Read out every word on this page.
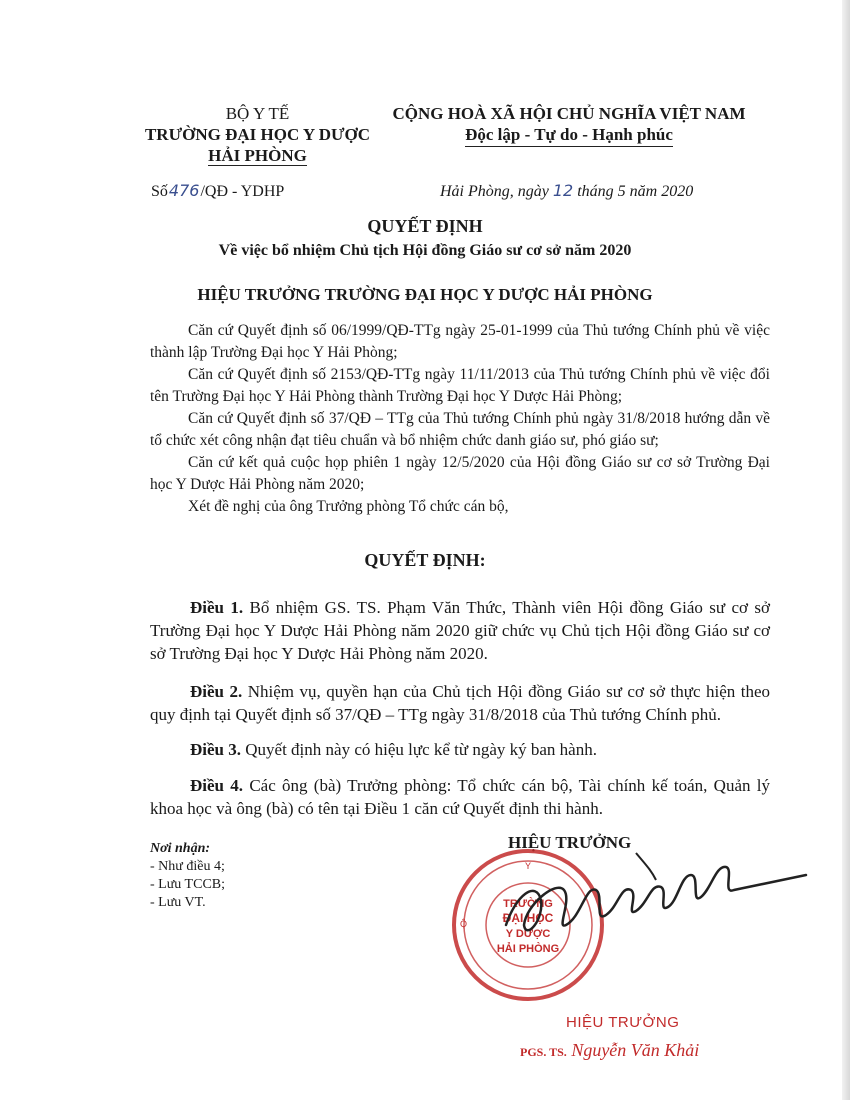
BỘ Y TẾ
TRƯỜNG ĐẠI HỌC Y DƯỢC
HẢI PHÒNG
CỘNG HOÀ XÃ HỘI CHỦ NGHĨA VIỆT NAM
Độc lập - Tự do - Hạnh phúc
Số476/QĐ - YDHP	Hải Phòng, ngày 12 tháng 5 năm 2020
QUYẾT ĐỊNH
Về việc bổ nhiệm Chủ tịch Hội đồng Giáo sư cơ sở năm 2020
HIỆU TRƯỞNG TRƯỜNG ĐẠI HỌC Y DƯỢC HẢI PHÒNG
Căn cứ Quyết định số 06/1999/QĐ-TTg ngày 25-01-1999 của Thủ tướng Chính phủ về việc thành lập Trường Đại học Y Hải Phòng;
Căn cứ Quyết định số 2153/QĐ-TTg ngày 11/11/2013 của Thủ tướng Chính phủ về việc đổi tên Trường Đại học Y Hải Phòng thành Trường Đại học Y Dược Hải Phòng;
Căn cứ Quyết định số 37/QĐ – TTg của Thủ tướng Chính phủ ngày 31/8/2018 hướng dẫn về tổ chức xét công nhận đạt tiêu chuẩn và bổ nhiệm chức danh giáo sư, phó giáo sư;
Căn cứ kết quả cuộc họp phiên 1 ngày 12/5/2020 của Hội đồng Giáo sư cơ sở Trường Đại học Y Dược Hải Phòng năm 2020;
Xét đề nghị của ông Trưởng phòng Tổ chức cán bộ,
QUYẾT ĐỊNH:
Điều 1. Bổ nhiệm GS. TS. Phạm Văn Thức, Thành viên Hội đồng Giáo sư cơ sở Trường Đại học Y Dược Hải Phòng năm 2020 giữ chức vụ Chủ tịch Hội đồng Giáo sư cơ sở Trường Đại học Y Dược Hải Phòng năm 2020.
Điều 2. Nhiệm vụ, quyền hạn của Chủ tịch Hội đồng Giáo sư cơ sở thực hiện theo quy định tại Quyết định số 37/QĐ – TTg ngày 31/8/2018 của Thủ tướng Chính phủ.
Điều 3. Quyết định này có hiệu lực kể từ ngày ký ban hành.
Điều 4. Các ông (bà) Trưởng phòng: Tổ chức cán bộ, Tài chính kế toán, Quản lý khoa học và ông (bà) có tên tại Điều 1 căn cứ Quyết định thi hành.
Nơi nhận:
- Như điều 4;
- Lưu TCCB;
- Lưu VT.
HIỆU TRƯỞNG
Y
Ộ
TRƯỜNG
ĐẠI HỌC
Y DƯỢC
HẢI PHÒNG
HIỆU TRƯỞNG
PGS. TS. Nguyễn Văn Khải
